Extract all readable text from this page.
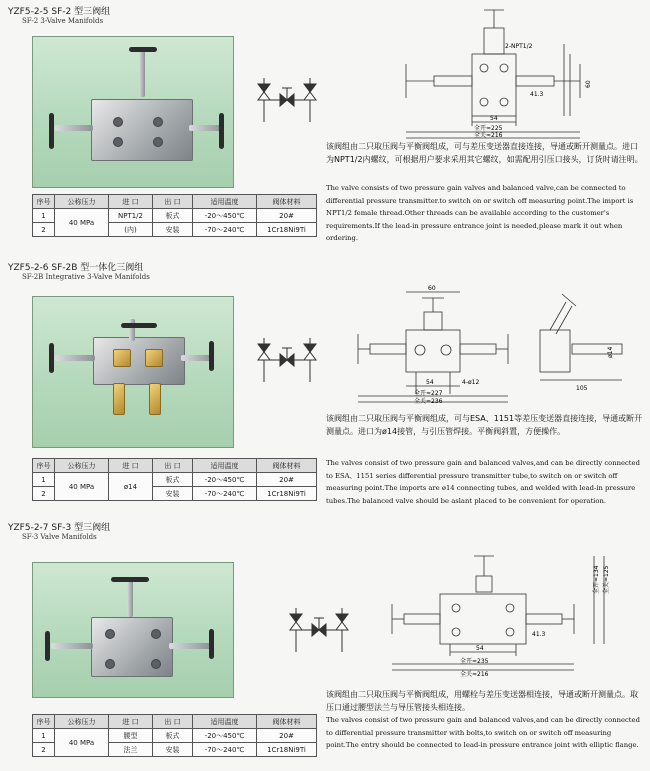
YZF5-2-5 SF-2 型三阀组
SF-2 3-Valve Manifolds
2-NPT1/2
54
全开≈225
全关≈216
60
41.3
序号	公称压力	进 口	出 口	适用温度	阀体材料
1	40 MPa	NPT1/2	板式	-20～450℃	20#
2		(内)	安装	-70～240℃	1Cr18Ni9Ti
该阀组由二只取压阀与平衡阀组成，可与差压变送器直接连接，导通或断开测量点。进口为NPT1/2内螺纹，可根据用户要求采用其它螺纹，如需配用引压口接头，订货时请注明。
The valve consists of two pressure gain valves and balanced valve,can be connected to differential pressure transmitter.to switch on or switch off measuring point.The import is NPT1/2 female thread.Other threads can be available according to the customer's requirements.If the lead-in pressure entrance joint is needed,please mark it out when ordering.
YZF5-2-6 SF-2B 型一体化三阀组
SF-2B Integrative 3-Valve Manifolds
60
54	4-ø12
全开≈227
全关≈236
ø14
105
序号	公称压力	进 口	出 口	适用温度	阀体材料
1	40 MPa	ø14	板式	-20～450℃	20#
2			安装	-70～240℃	1Cr18Ni9Ti
该阀组由二只取压阀与平衡阀组成，可与ESA、1151等差压变送器直接连接，导通或断开测量点。进口为ø14接管，与引压管焊接。平衡阀斜置，方便操作。
The valves consist of two pressure gain and balanced valves,and can be directly connected to ESA、1151 series differential pressure transmitter tube,to switch on or switch off measuring point.The imports are ø14 connecting tubes, and welded with lead-in pressure tubes.The balanced valve should be aslant placed to be convenient for operation.
YZF5-2-7 SF-3 型三阀组
SF-3 Valve Manifolds
全开≈134 全关≈125
54
41.3
全开≈235
全关≈216
序号	公称压力	进 口	出 口	适用温度	阀体材料
1	40 MPa	腰型	板式	-20～450℃	20#
2		法兰	安装	-70～240℃	1Cr18Ni9Ti
该阀组由二只取压阀与平衡阀组成，用螺栓与差压变送器相连接，导通或断开测量点。取压口通过腰型法兰与导压管接头相连接。
The valves consist of two pressure gain and balanced valves,and can be directly connected to differential pressure transmitter with bolts,to switch on or switch off measuring point.The entry should be connected to lead-in pressure entrance joint with elliptic flange.
